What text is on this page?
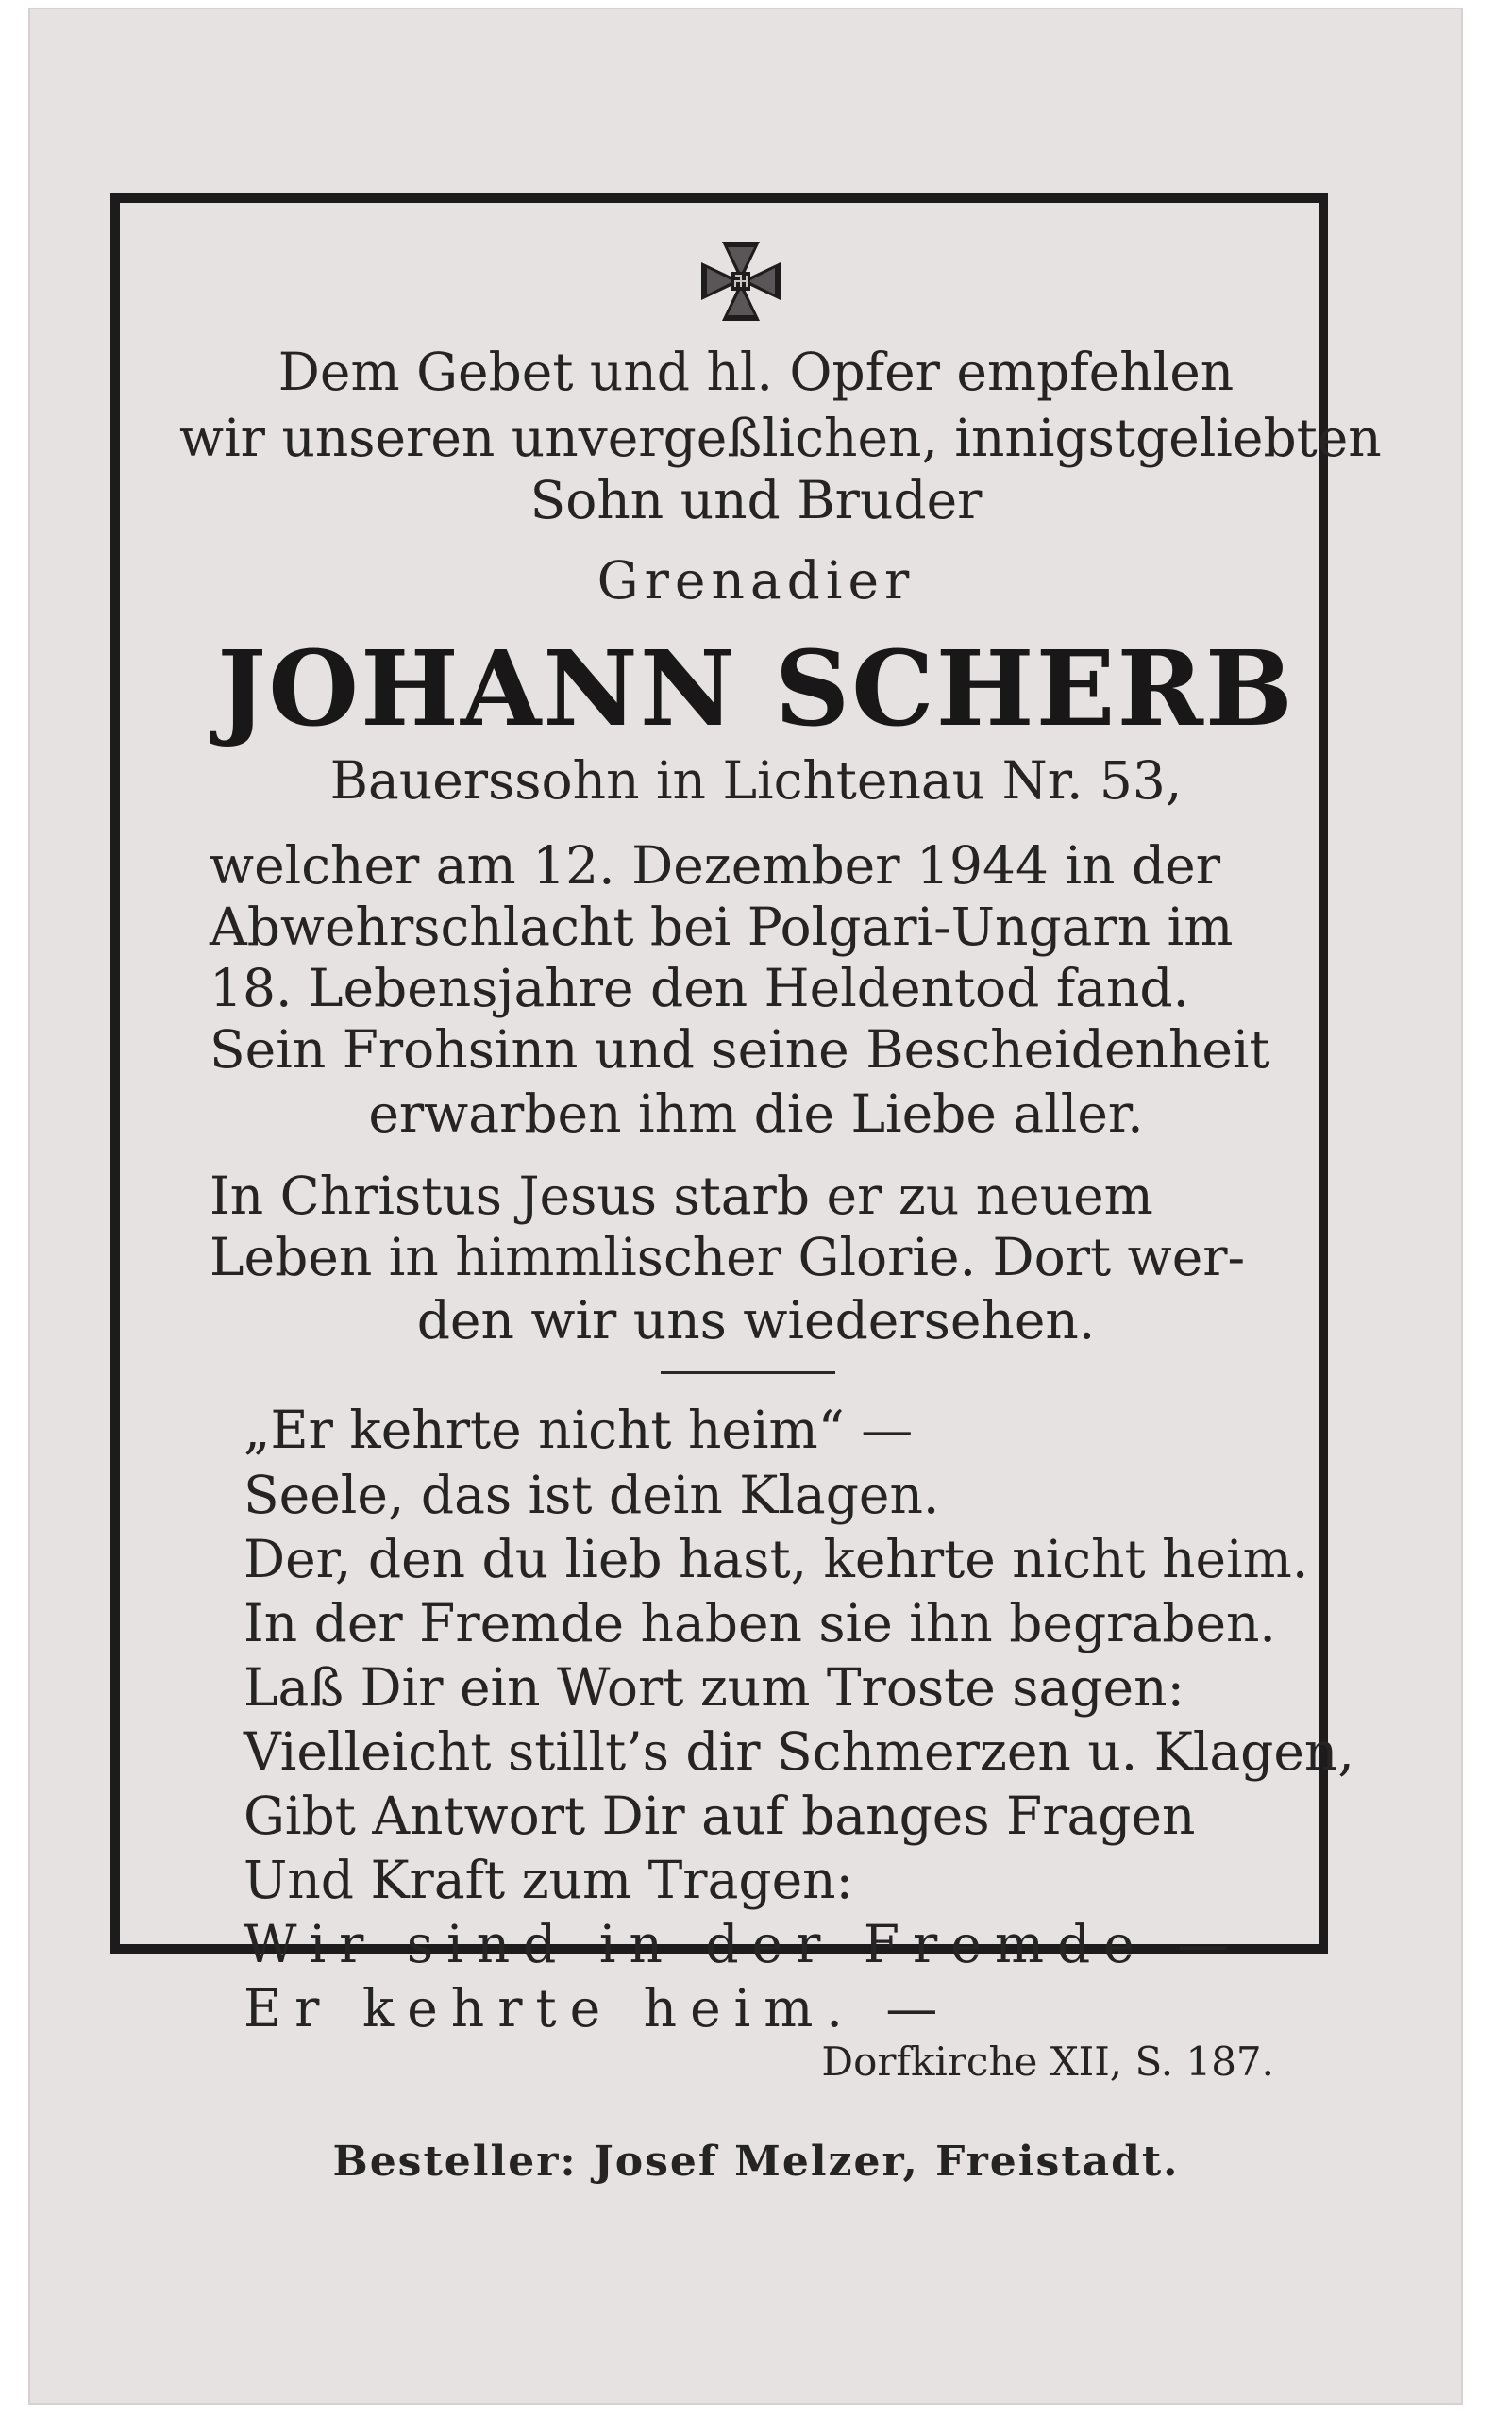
Dem Gebet und hl. Opfer empfehlen
wir unseren unvergeßlichen, innigstgeliebten
Sohn und Bruder
Grenadier
JOHANN SCHERB
Bauerssohn in Lichtenau Nr. 53,
welcher am 12. Dezember 1944 in der
Abwehrschlacht bei Polgari-Ungarn im
18. Lebensjahre den Heldentod fand.
Sein Frohsinn und seine Bescheidenheit
erwarben ihm die Liebe aller.
In Christus Jesus starb er zu neuem
Leben in himmlischer Glorie. Dort wer-
den wir uns wiedersehen.
„Er kehrte nicht heim“ —
Seele, das ist dein Klagen.
Der, den du lieb hast, kehrte nicht heim.
In der Fremde haben sie ihn begraben.
Laß Dir ein Wort zum Troste sagen:
Vielleicht stillt’s dir Schmerzen u. Klagen,
Gibt Antwort Dir auf banges Fragen
Und Kraft zum Tragen:
Wir sind in der Fremde —
Er kehrte heim. —
Dorfkirche XII, S. 187.
Besteller: Josef Melzer, Freistadt.
